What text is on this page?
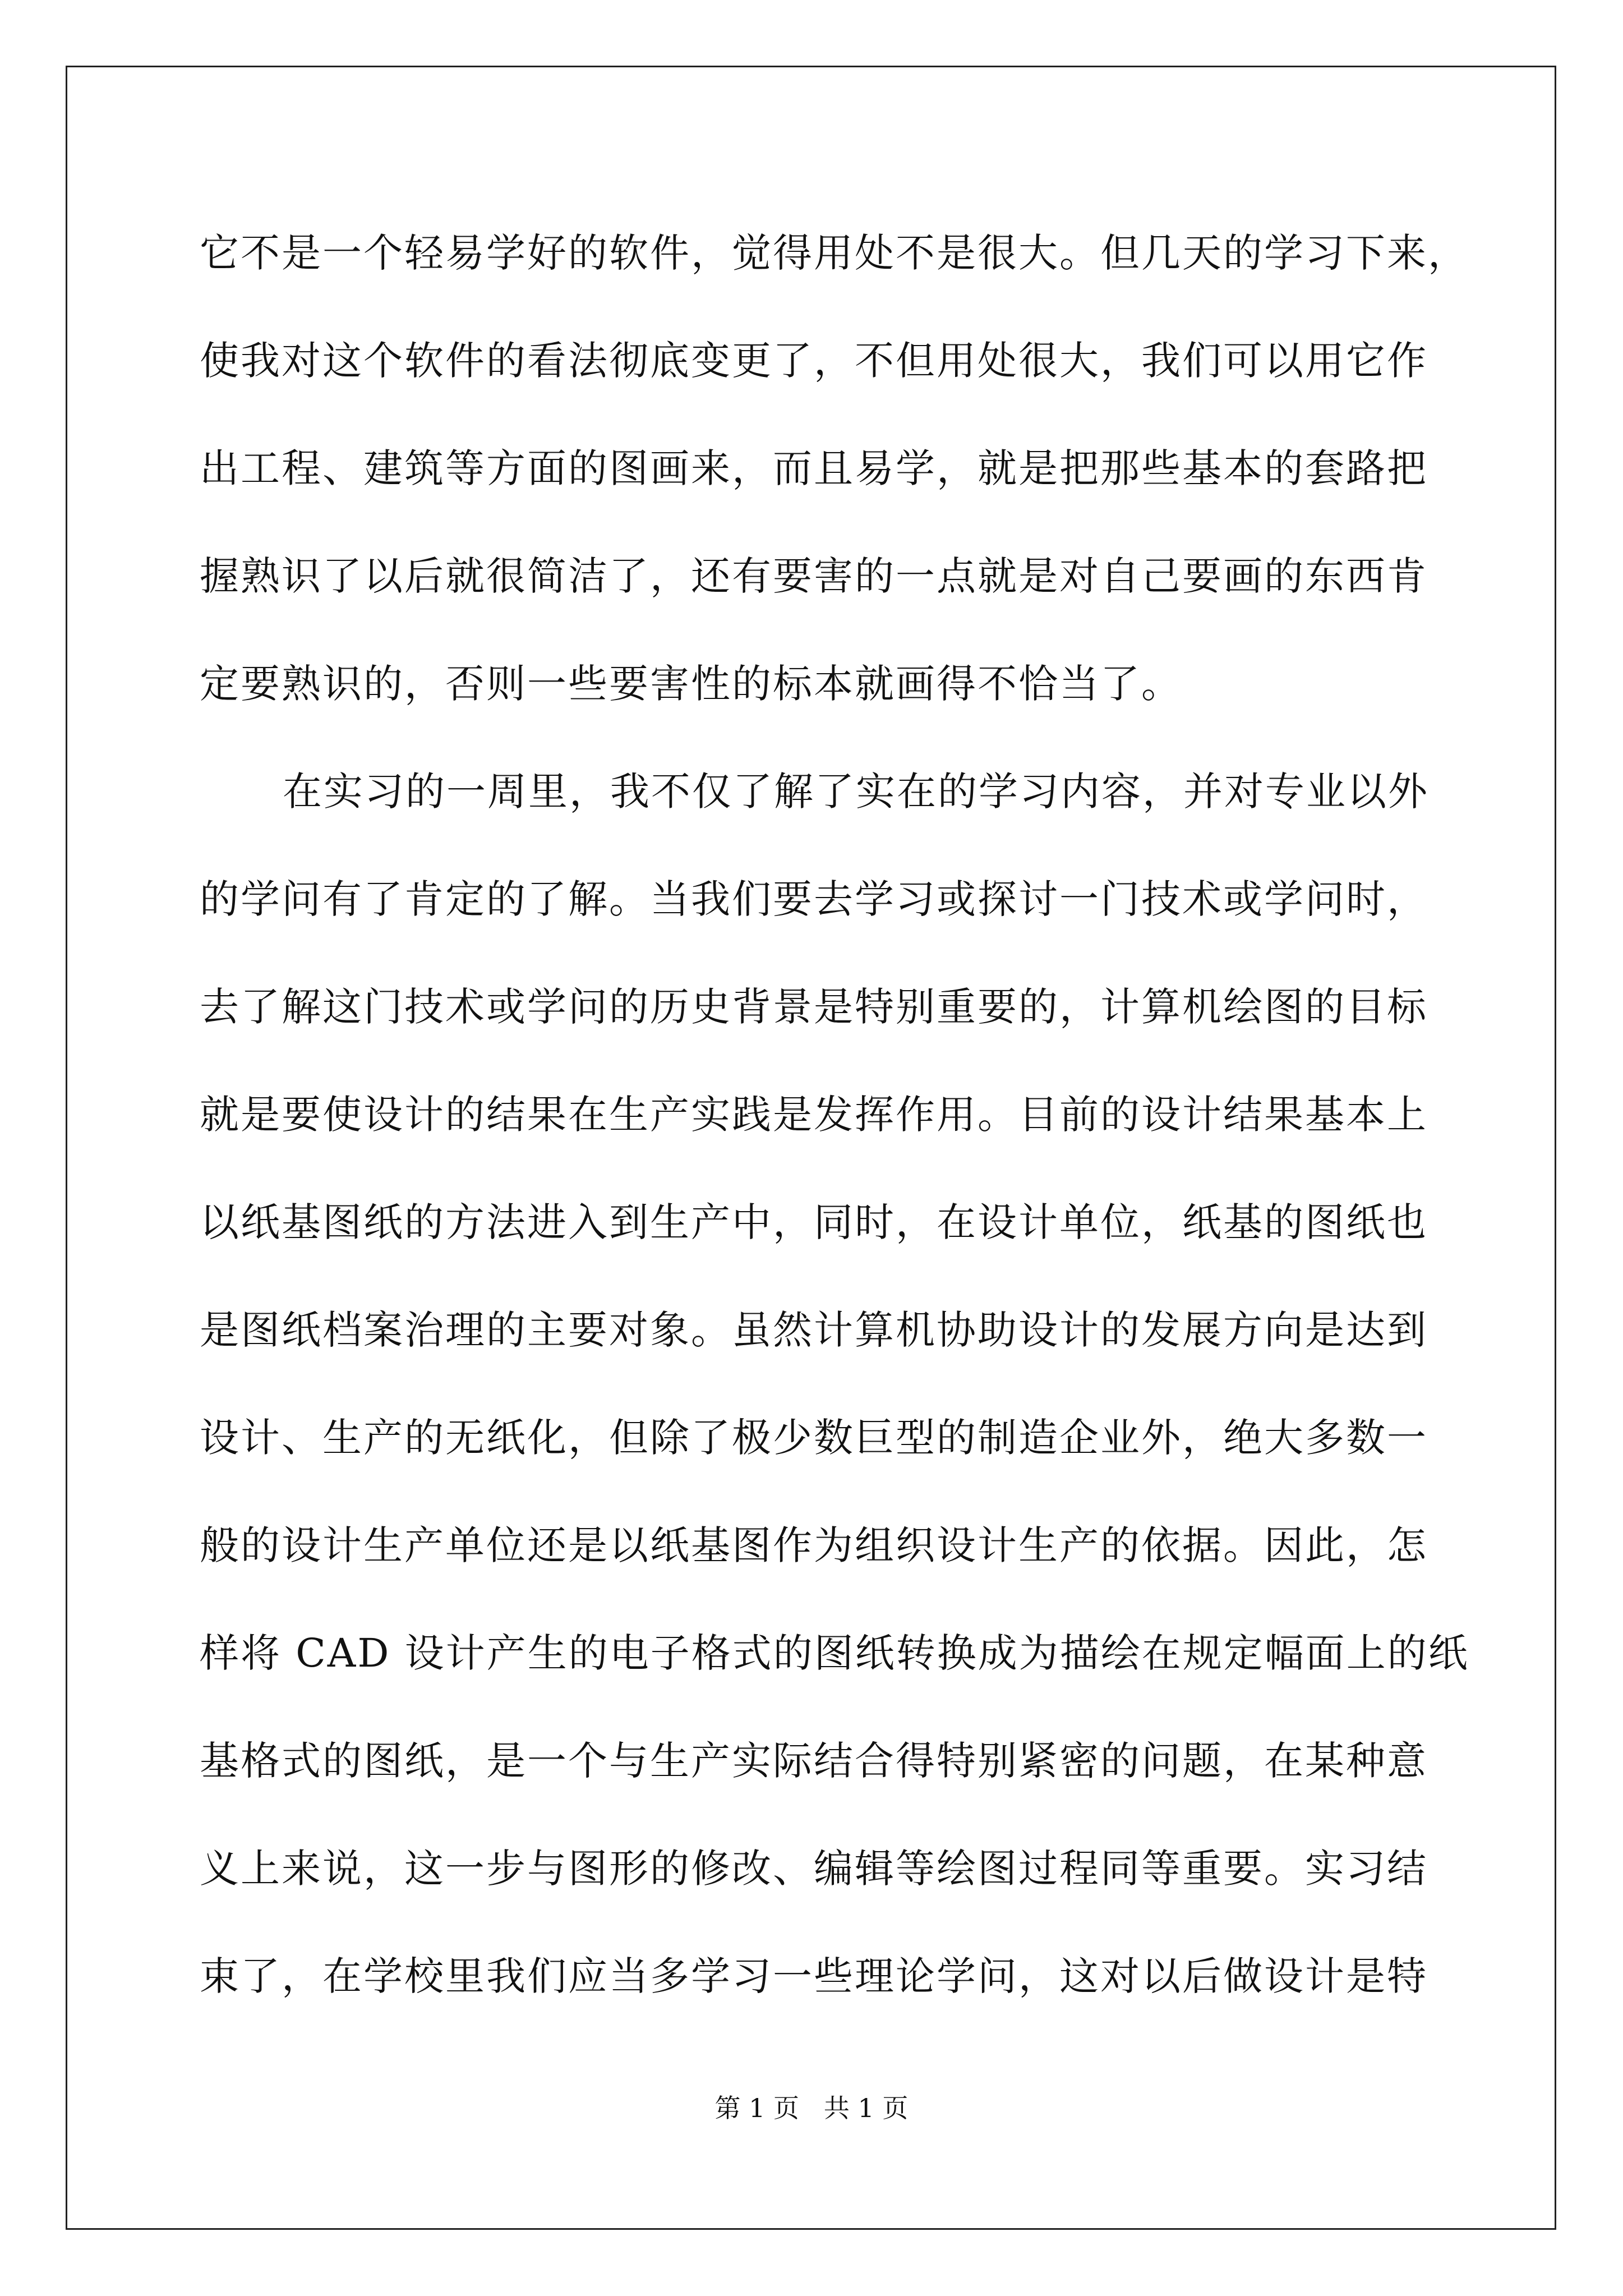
它不是一个轻易学好的软件，觉得用处不是很大。但几天的学习下来，
使我对这个软件的看法彻底变更了，不但用处很大，我们可以用它作
出工程、建筑等方面的图画来，而且易学，就是把那些基本的套路把
握熟识了以后就很简洁了，还有要害的一点就是对自己要画的东西肯
定要熟识的，否则一些要害性的标本就画得不恰当了。
在实习的一周里，我不仅了解了实在的学习内容，并对专业以外
的学问有了肯定的了解。当我们要去学习或探讨一门技术或学问时，
去了解这门技术或学问的历史背景是特别重要的，计算机绘图的目标
就是要使设计的结果在生产实践是发挥作用。目前的设计结果基本上
以纸基图纸的方法进入到生产中，同时，在设计单位，纸基的图纸也
是图纸档案治理的主要对象。虽然计算机协助设计的发展方向是达到
设计、生产的无纸化，但除了极少数巨型的制造企业外，绝大多数一
般的设计生产单位还是以纸基图作为组织设计生产的依据。因此，怎
样将 CAD 设计产生的电子格式的图纸转换成为描绘在规定幅面上的纸
基格式的图纸，是一个与生产实际结合得特别紧密的问题，在某种意
义上来说，这一步与图形的修改、编辑等绘图过程同等重要。实习结
束了，在学校里我们应当多学习一些理论学问，这对以后做设计是特
第 1 页   共 1 页
